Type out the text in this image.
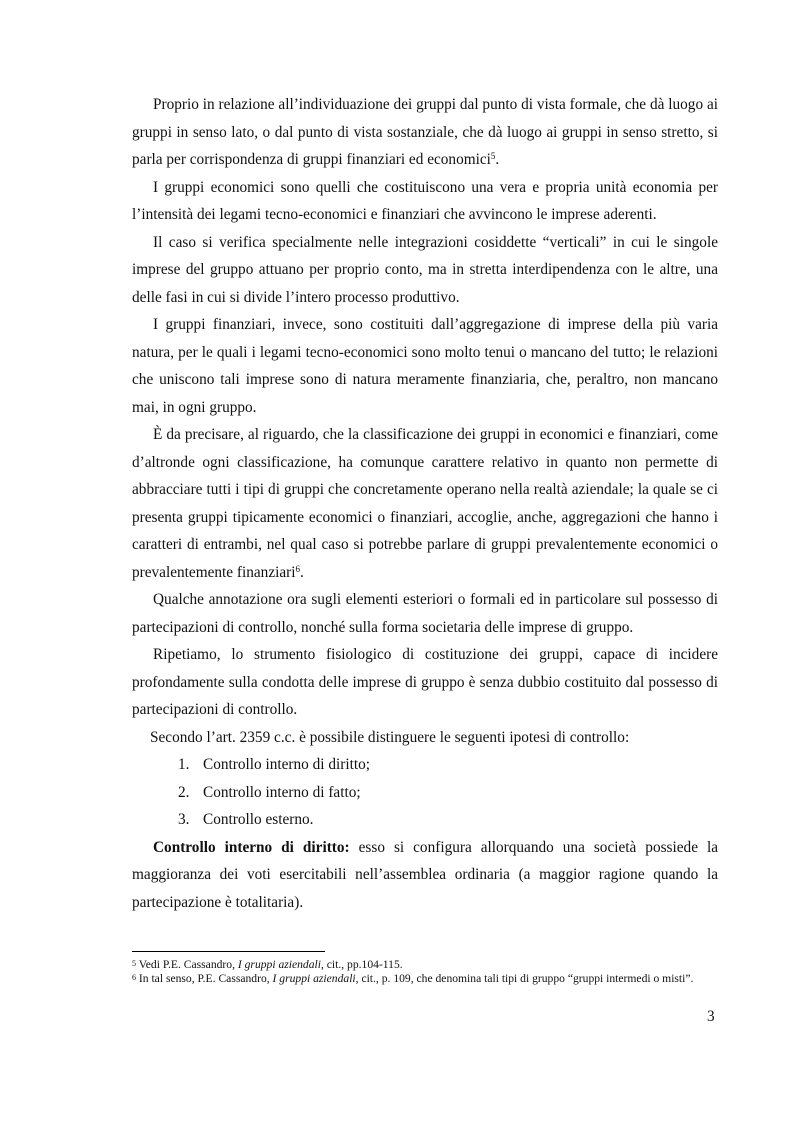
Proprio in relazione all’individuazione dei gruppi dal punto di vista formale, che dà luogo ai gruppi in senso lato, o dal punto di vista sostanziale, che dà luogo ai gruppi in senso stretto, si parla per corrispondenza di gruppi finanziari ed economici$^5$.

I gruppi economici sono quelli che costituiscono una vera e propria unità economia per l’intensità dei legami tecno-economici e finanziari che avvincono le imprese aderenti.

Il caso si verifica specialmente nelle integrazioni cosiddette “verticali” in cui le singole imprese del gruppo attuano per proprio conto, ma in stretta interdipendenza con le altre, una delle fasi in cui si divide l’intero processo produttivo.

I gruppi finanziari, invece, sono costituiti dall’aggregazione di imprese della più varia natura, per le quali i legami tecno-economici sono molto tenui o mancano del tutto; le relazioni che uniscono tali imprese sono di natura meramente finanziaria, che, peraltro, non mancano mai, in ogni gruppo.

È da precisare, al riguardo, che la classificazione dei gruppi in economici e finanziari, come d’altronde ogni classificazione, ha comunque carattere relativo in quanto non permette di abbracciare tutti i tipi di gruppi che concretamente operano nella realtà aziendale; la quale se ci presenta gruppi tipicamente economici o finanziari, accoglie, anche, aggregazioni che hanno i caratteri di entrambi, nel qual caso si potrebbe parlare di gruppi prevalentemente economici o prevalentemente finanziari$^6$.

Qualche annotazione ora sugli elementi esteriori o formali ed in particolare sul possesso di partecipazioni di controllo, nonché sulla forma societaria delle imprese di gruppo.

Ripetiamo, lo strumento fisiologico di costituzione dei gruppi, capace di incidere profondamente sulla condotta delle imprese di gruppo è senza dubbio costituito dal possesso di partecipazioni di controllo.

Secondo l’art. 2359 c.c. è possibile distinguere le seguenti ipotesi di controllo:

1. Controllo interno di diritto;
2. Controllo interno di fatto;
3. Controllo esterno.

Controllo interno di diritto: esso si configura allorquando una società possiede la maggioranza dei voti esercitabili nell’assemblea ordinaria (a maggior ragione quando la partecipazione è totalitaria).

5 Vedi P.E. Cassandro, I gruppi aziendali, cit., pp.104-115.

6 In tal senso, P.E. Cassandro, I gruppi aziendali, cit., p. 109, che denomina tali tipi di gruppo “gruppi intermedi o misti”.

3
